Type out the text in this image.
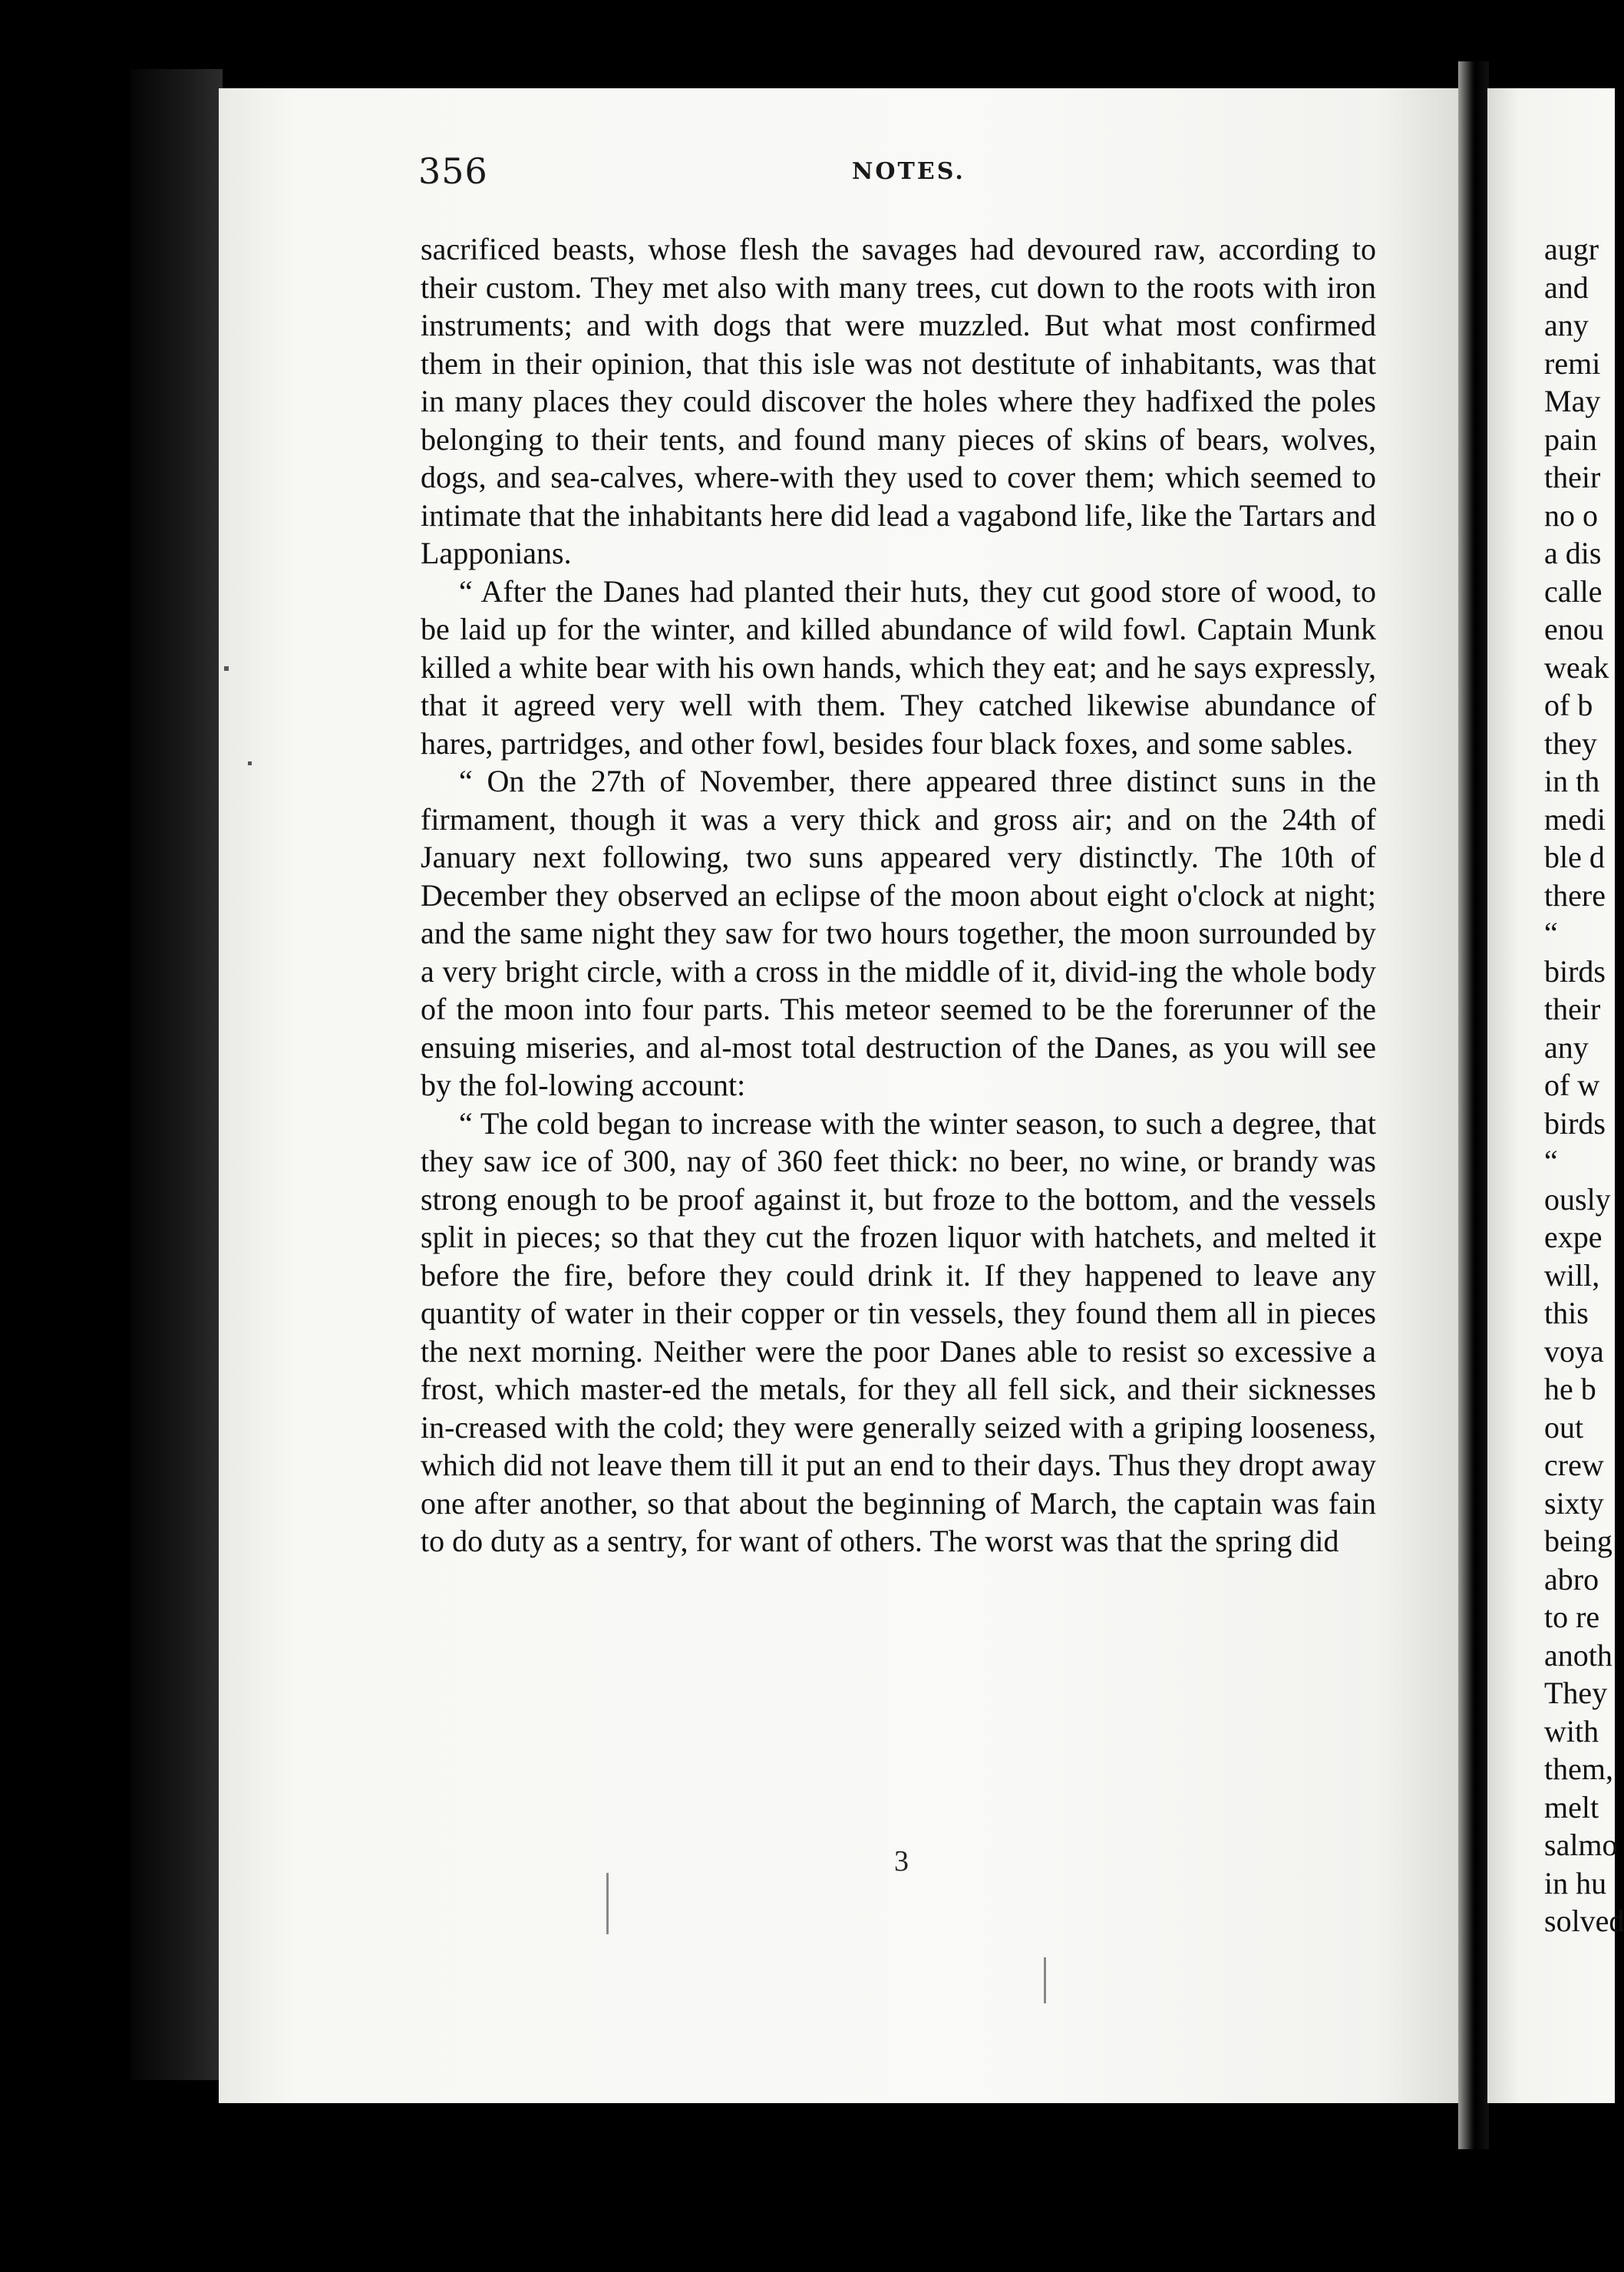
356	NOTES.

sacrificed beasts, whose flesh the savages had devoured raw, according to their custom. They met also with many trees, cut down to the roots with iron instruments; and with dogs that were muzzled. But what most confirmed them in their opinion, that this isle was not destitute of inhabitants, was that in many places they could discover the holes where they hadfixed the poles belonging to their tents, and found many pieces of skins of bears, wolves, dogs, and sea-calves, where-with they used to cover them; which seemed to intimate that the inhabitants here did lead a vagabond life, like the Tartars and Lapponians.

“ After the Danes had planted their huts, they cut good store of wood, to be laid up for the winter, and killed abundance of wild fowl. Captain Munk killed a white bear with his own hands, which they eat; and he says expressly, that it agreed very well with them. They catched likewise abundance of hares, partridges, and other fowl, besides four black foxes, and some sables.

“ On the 27th of November, there appeared three distinct suns in the firmament, though it was a very thick and gross air; and on the 24th of January next following, two suns appeared very distinctly. The 10th of December they observed an eclipse of the moon about eight o'clock at night; and the same night they saw for two hours together, the moon surrounded by a very bright circle, with a cross in the middle of it, divid-ing the whole body of the moon into four parts. This meteor seemed to be the forerunner of the ensuing miseries, and al-most total destruction of the Danes, as you will see by the fol-lowing account:

“ The cold began to increase with the winter season, to such a degree, that they saw ice of 300, nay of 360 feet thick: no beer, no wine, or brandy was strong enough to be proof against it, but froze to the bottom, and the vessels split in pieces; so that they cut the frozen liquor with hatchets, and melted it before the fire, before they could drink it. If they happened to leave any quantity of water in their copper or tin vessels, they found them all in pieces the next morning. Neither were the poor Danes able to resist so excessive a frost, which master-ed the metals, for they all fell sick, and their sicknesses in-creased with the cold; they were generally seized with a griping looseness, which did not leave them till it put an end to their days. Thus they dropt away one after another, so that about the beginning of March, the captain was fain to do duty as a sentry, for want of others. The worst was that the spring did

3
augr
and
any
remi
May
pain
their
no o
a dis
calle
enou
weak
of b
they
in th
medi
ble d
there
“
birds
their
any
of w
birds
“
ously
expe
will,
this
voya
he b
out
crew
sixty
being
abro
to re
anoth
They
with
them,
melt
salmo
in hu
solved
